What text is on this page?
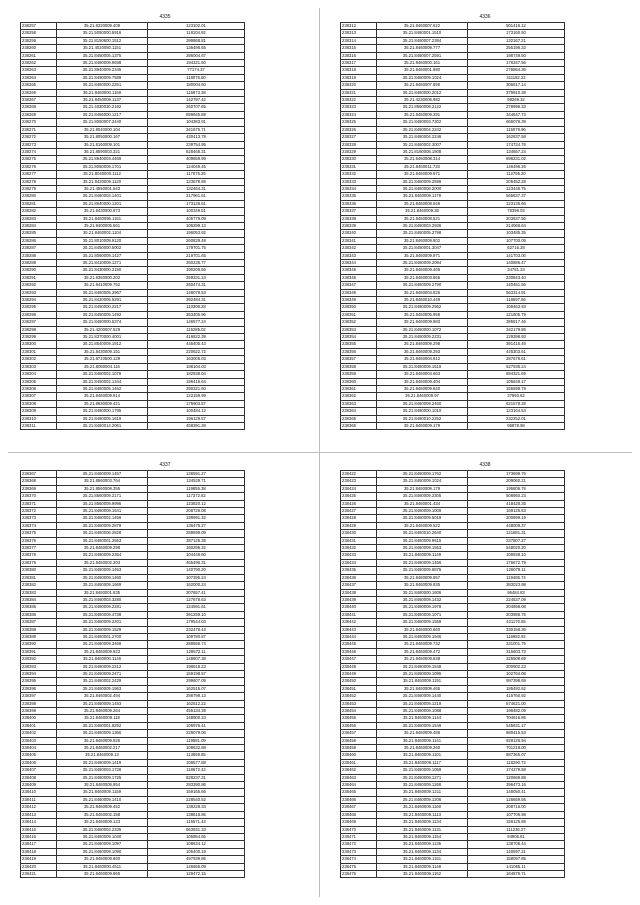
4335
238257	35.21.8320009.409	123102.01
238258	35.21.5050000.5916	118104.92
238259	35.21.8150600.1512	399868.81
238260	35.21.4020080.1151	136496.65
238261	35.21.8450005.1375	286004.67
238262	35.21.8460009.9698	194321.60
238263	35.21.8940009.2345	77174.37
238264	35.21.8490009.7589	118076.80
238265	35.21.8460000.2251	180004.60
238266	35.21.8460000.1159	115873.38
238267	35.21.8450009.1137	142797.42
238268	35.21.4020030.2192	260707.65
238269	35.21.8456000.1217	899945.89
238270	35.21.8050007.3440	104383.91
238271	35.21.8040000.104	341675.71
238272	35.21.8050000.167	430413.78
238273	35.21.8160009.101	239754.95
238274	35.21.8590003.321	628468.31
238275	35.21.8640003.4469	409859.99
238276	35.21.8050009.1701	124049.45
238277	35.21.8040000.1112	117075.25
238278	35.21.8420009.1120	123678.98
238279	35.21.4550001.543	132464.31
238280	35.21.8460003.1401	217961.61
238281	35.21.8640000.1201	173126.61
238282	35.21.8430000.973	100349.51
238283	35.21.8460096.1151	405779.09
238284	35.21.8400005.561	105299.13
238285	35.21.8460002.1104	196053.92
238286	35.21.8010009.9120	260829.49
238287	35.21.8450000.5002	179701.75
238288	35.21.8060009.1427	219701.65
238289	35.21.8410009.1271	260236.77
238290	35.21.8430000.2150	190206.56
238291	35.21.8350000.202	259331.24
238292	35.21.8410009.752	260474.31
238293	35.21.8460005.2967	148078.53
238294	35.21.8420005.5291	392484.31
238295	35.21.8450000.2217	110308.28
238296	35.21.8450005.1492	353405.96
238297	35.21.8460000.5374	146577.24
238298	35.21.4200007.529	115285.02
238299	35.21.8370000.4001	416822.39
238300	35.21.8540009.1912	445405.43
238301	35.21.8430009.151	220622.72
238302	35.21.8710500.129	163006.03
238303	35.21.8050004.116	188104.03
238304	35.21.8460002.1076	182938.04
238305	35.21.8450002.1344	196416.64
238306	35.21.8460005.1462	290321.60
238307	35.21.8460009.914	122159.99
238308	35.21.8630009.421	175903.57
238309	35.21.8460000.1795	100484.12
238310	35.21.8460005.1619	196129.57
238311	35.21.8460014.2061	458391.28
4336
238312	35.21.8460007.622	501416.12
238313	35.21.8460001.1510	173160.50
238314	35.21.8460007.2384	132167.21
238315	35.21.8460009.777	255196.32
238316	35.21.8460007.2591	198749.50
238317	35.21.8460000.161	176347.56
238318	35.21.8460001.980	276864.36
238319	35.21.8460009.1024	311182.22
238320	35.21.8460007.690	306617.14
238321	35.21.8460000.2012	379910.38
238322	35.21.4230006.982	98269.32
238323	35.21.8560008.2122	278996.33
238324	35.21.8460009.291	344647.73
238325	35.21.8460003.7302	666076.39
238326	35.21.8460004.2242	115079.96
238327	35.21.8460004.2246	162637.58
238328	35.21.8460002.3007	174724.76
238329	35.21.8160008.1908	134657.24
238330	35.21.8460008.314	896231.02
238331	35.21.8460011.733	146496.26
238332	35.21.8460009.971	112795.20
238333	35.21.8460009.2596	205452.28
238334	35.21.8460008.2000	123446.75
238335	35.21.8460009.1179	565637.37
238336	35.21.8460008.946	123135.66
238337	35.21.8460009.36	78398.03
238338	35.21.8460008.521	203637.56
238339	35.21.8460003.2936	214066.64
238340	35.21.8460005.2798	103485.35
238341	35.21.8460009.602	107700.09
238342	35.21.8450001.3047	62716.28
238343	35.21.8460009.971	141703.00
238344	35.21.8460009.2094	140886.47
238345	35.21.8460009.466	34781.23
238346	35.21.8460003.865	230843.40
238347	35.21.8460009.2790	140451.56
238348	35.21.8460004.826	563314.91
238349	35.21.8460010.449	118597.56
238350	35.21.8460009.2962	108463.93
238351	35.21.8460005.959	121605.79
238352	35.21.8460009.983	385817.46
238353	35.21.8460000.1072	342179.86
238354	35.21.8460009.2231	129398.93
238355	35.21.8460009.298	391415.49
238356	35.21.8460009.293	445303.61
238357	35.21.8460004.912	287676.61
238358	35.21.8460009.1519	527935.24
238359	35.21.8460004.663	894321.69
238360	35.21.8460009.404	105848.17
238361	35.21.8460009.840	155599.79
238362	35.21.8460009.97	37993.82
238363	35.21.8460009.2460	621578.28
238364	35.21.8460000.1010	123164.54
238365	35.21.8460010.2252	232252.01
238366	35.21.8460009.179	96878.98
4337
238367	35.21.8460009.1457	136591.27
238368	35.21.8560003.764	134529.71
238369	35.21.8560009.355	119855.38
238370	35.21.8560009.2171	117372.82
238371	35.21.8560009.9996	123820.12
238372	35.21.8460009.1641	208726.08
238373	35.21.8460002.1456	199991.32
238374	35.21.8460009.2879	136475.27
238375	35.21.8460006.2828	289599.09
238376	35.21.8460001.2553	387125.35
238377	35.21.8460009.298	160295.32
238378	35.21.8460009.2364	104446.60
238379	35.21.8460002.203	465496.31
238380	35.21.8460009.1463	140790.20
238381	35.21.8460009.1460	107395.24
238382	35.21.8460009.1669	162000.24
238383	35.21.8460001.635	307657.41
238384	35.21.8460003.3280	127678.63
238385	35.21.8460009.2281	124591.61
238386	35.21.8460009.4738	391259.10
238387	35.21.8460009.2201	179544.03
238388	35.21.8460009.1529	232478.43
238389	35.21.8460001.2700	109780.87
238390	35.21.8460009.3469	288556.74
238391	35.21.8460009.923	128572.11
238392	35.21.8460000.1146	148607.38
238393	35.21.8460009.2212	198618.23
238394	35.21.8460009.2471	159198.57
238395	35.21.8460002.2429	299607.09
238396	35.21.8460009.1963	162516.07
238397	35.21.8460002.494	288799.13
238398	35.21.8460009.1483	162512.22
238399	35.21.8460009.264	455134.39
238400	35.21.8460009.118	148900.23
238401	35.21.8460001.8292	106976.41
238402	35.21.8460009.1366	228079.06
238403	35.21.8460009.926	119581.09
238404	35.21.8460002.217	108632.88
238405	35.21.8460009.13	113569.85
238406	35.21.8460009.1419	108577.88
238407	35.21.8460003.1728	118672.42
238408	35.21.8460009.1725	828237.31
238409	35.21.8460009.954	283390.86
238410	35.21.8460009.1159	159165.66
238411	35.21.8460009.1410	228540.52
238412	35.21.8460009.452	139228.33
238413	35.21.8460002.158	138618.86
238414	35.21.8460009.123	115571.43
238415	35.21.8460003.2335	863931.33
238416	35.21.8460009.1040	105954.65
238417	35.21.8460009.1097	108634.12
238418	35.21.8460009.1090	105400.19
238419	35.21.8460009.860	497939.86
238420	35.21.8460000.4511	146656.09
238421	35.21.8460009.965	129472.15
4338
238422	35.21.8460009.1762	173699.76
238423	35.21.8460009.1024	209060.21
238424	35.21.8460009.179	195806.76
238425	35.21.8460009.2305	508950.23
238426	35.21.8460001.434	418428.35
238427	35.21.8460009.1009	169125.63
238428	35.21.8460009.5019	200899.19
238429	35.21.8460009.522	448009.37
238430	35.21.8460010.2640	121881.31
238431	35.21.8460009.9615	237807.27
238432	35.21.8460009.1553	548020.20
238433	35.21.8460009.1149	109938.10
238434	35.21.8460009.1466	176672.79
238435	35.21.8460009.6875	126078.11
238436	35.21.8460009.857	119485.74
238437	35.21.8460009.935	383023.98
238438	35.21.8460000.1606	96484.83
238439	35.21.8460009.1432	224537.09
238440	35.21.8460009.1978	204698.08
238441	35.21.8460009.1071	203986.76
238442	35.21.8460009.1558	421170.55
238443	35.21.8460000.660	330158.36
238444	35.21.8460009.1946	116982.92
238445	35.21.8460009.732	331001.76
238446	35.21.8460009.472	315603.73
238447	35.21.8460009.638	325508.69
238448	35.21.8460009.1848	200902.23
238449	35.21.8460009.1095	102764.08
238450	35.21.8460009.1191	997398.69
238451	35.21.8460009.465	185492.62
238452	35.21.8460009.1440	415760.92
238453	35.21.8460009.1219	574621.00
238454	35.21.8460009.1088	196482.09
238455	35.21.8460009.1144	704616.86
238456	35.21.8460009.1546	545631.17
238457	35.21.8460009.486	880415.53
238458	35.21.8460009.1141	928126.94
238459	35.21.8460009.260	701218.00
238460	35.21.8460009.1101	887365.07
238461	35.21.8460009.1117	118290.73
238462	35.21.8460009.1059	174279.58
238463	35.21.8460009.1271	120669.88
238464	35.21.8460009.1266	396473.16
238465	35.21.8460009.1211	148050.41
238466	35.21.8460009.1206	126659.56
238467	35.21.8460009.1160	208716.00
238468	35.21.8460009.1113	107706.98
238469	35.21.8460009.1134	156125.98
238470	35.21.8460009.1131	111236.27
238471	35.21.8460009.1154	94906.81
238472	35.21.8460009.1135	138706.44
238473	35.21.8460009.1134	140597.21
238474	35.21.8460009.1151	158097.85
238475	35.21.8460009.1148	141065.11
238476	35.21.8460009.1152	164876.71
